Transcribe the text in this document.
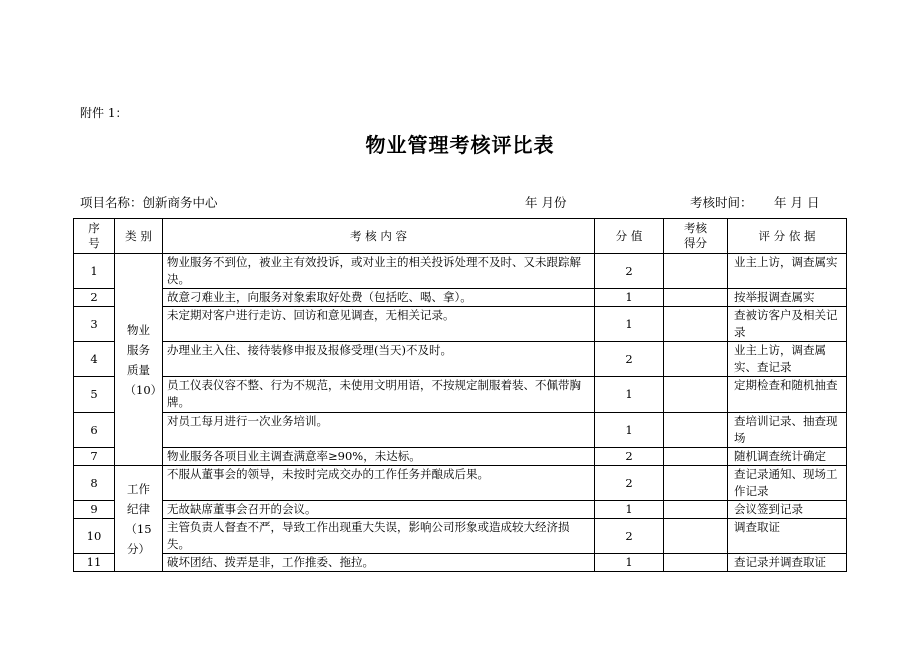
附件 1：
物业管理考核评比表
项目名称：创新商务中心	年 月份	考核时间： 年 月 日
序号	类 别	考 核 内 容	分 值	考核得分	评 分 依 据
1	物业服务质量（10）	物业服务不到位，被业主有效投诉，或对业主的相关投诉处理不及时、又未跟踪解决。	2		业主上访，调查属实
2		故意刁难业主，向服务对象索取好处费（包括吃、喝、拿）。	1		按举报调查属实
3		未定期对客户进行走访、回访和意见调查，无相关记录。	1		查被访客户及相关记录
4		办理业主入住、接待装修申报及报修受理(当天)不及时。	2		业主上访，调查属实、查记录
5		员工仪表仪容不整、行为不规范，未使用文明用语，不按规定制服着装、不佩带胸牌。	1		定期检查和随机抽查
6		对员工每月进行一次业务培训。	1		查培训记录、抽查现场
7		物业服务各项目业主调查满意率≥90%，未达标。	2		随机调查统计确定
8	工作纪律（15分）	不服从董事会的领导，未按时完成交办的工作任务并酿成后果。	2		查记录通知、现场工作记录
9		无故缺席董事会召开的会议。	1		会议签到记录
10		主管负责人督查不严，导致工作出现重大失误，影响公司形象或造成较大经济损失。	2		调查取证
11		破坏团结、拨弄是非，工作推委、拖拉。	1		查记录并调查取证
